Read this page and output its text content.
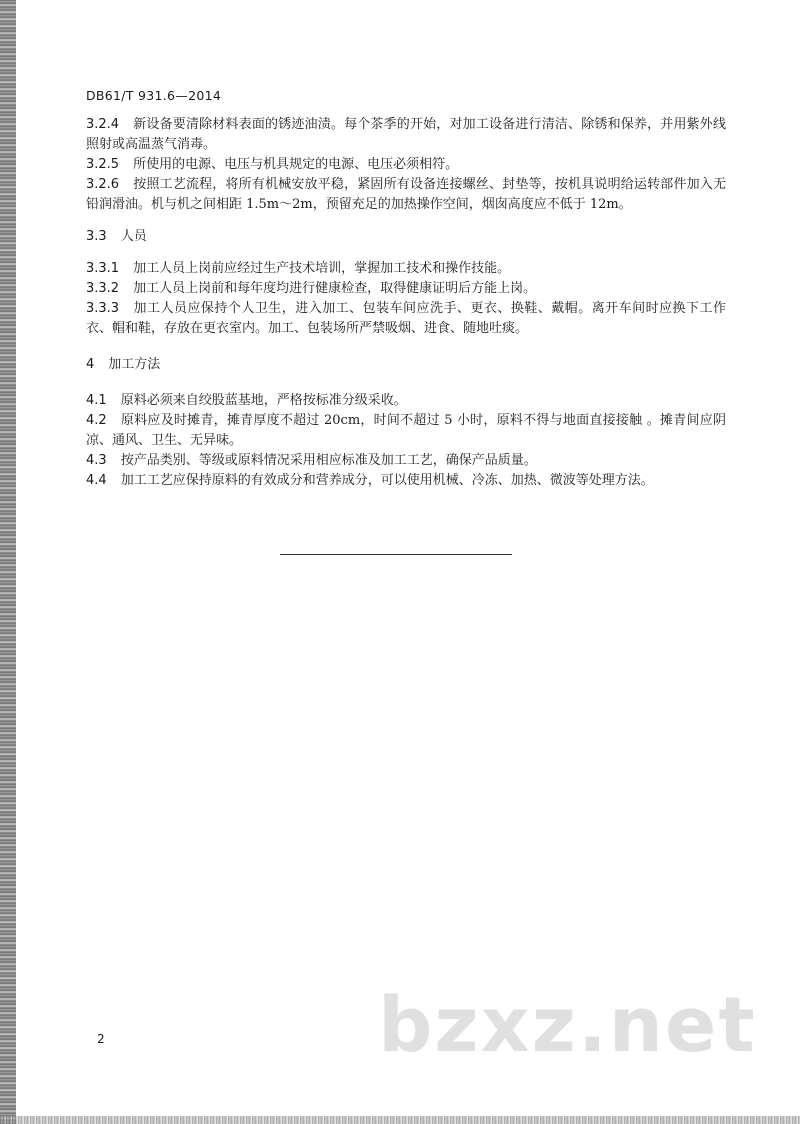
DB61/T 931.6—2014

3.2.4 新设备要清除材料表面的锈迹油渍。每个茶季的开始，对加工设备进行清洁、除锈和保养，并用紫外线照射或高温蒸气消毒。

3.2.5 所使用的电源、电压与机具规定的电源、电压必须相符。

3.2.6 按照工艺流程，将所有机械安放平稳，紧固所有设备连接螺丝、封垫等，按机具说明给运转部件加入无铅润滑油。机与机之间相距 1.5m～2m，预留充足的加热操作空间，烟囱高度应不低于 12m。

3.3 人员

3.3.1 加工人员上岗前应经过生产技术培训，掌握加工技术和操作技能。

3.3.2 加工人员上岗前和每年度均进行健康检查，取得健康证明后方能上岗。

3.3.3 加工人员应保持个人卫生，进入加工、包装车间应洗手、更衣、换鞋、戴帽。离开车间时应换下工作衣、帽和鞋，存放在更衣室内。加工、包装场所严禁吸烟、进食、随地吐痰。

4 加工方法

4.1 原料必须来自绞股蓝基地，严格按标准分级采收。

4.2 原料应及时摊青，摊青厚度不超过 20cm，时间不超过 5 小时，原料不得与地面直接接触 。摊青间应阴凉、通风、卫生、无异味。

4.3 按产品类别、等级或原料情况采用相应标准及加工工艺，确保产品质量。

4.4 加工工艺应保持原料的有效成分和营养成分，可以使用机械、冷冻、加热、微波等处理方法。

bzxz.net
2
